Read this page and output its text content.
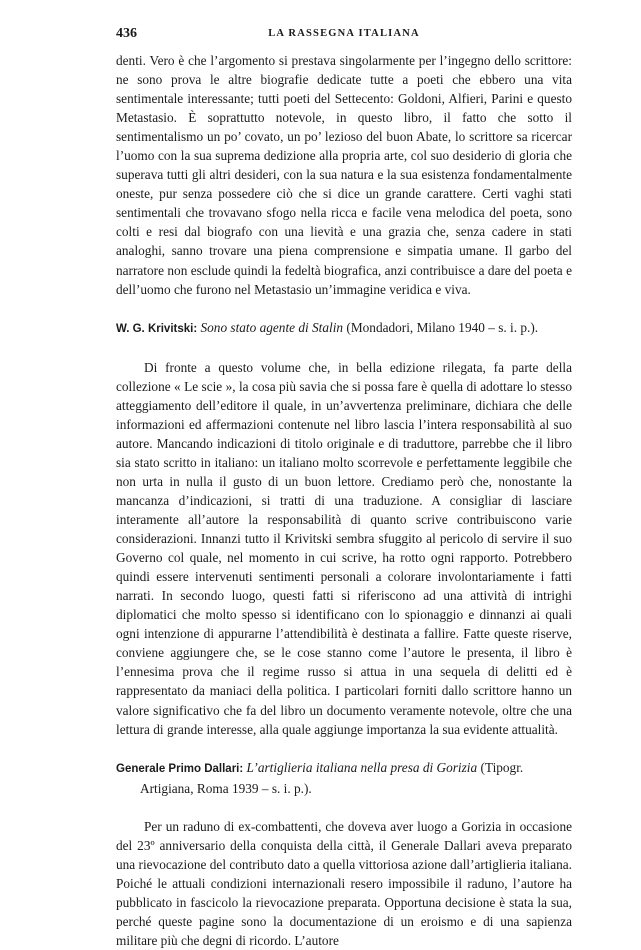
436	LA RASSEGNA ITALIANA

denti. Vero è che l’argomento si prestava singolarmente per l’ingegno dello scrittore: ne sono prova le altre biografie dedicate tutte a poeti che ebbero una vita sentimentale interessante; tutti poeti del Settecento: Goldoni, Alfieri, Parini e questo Metastasio. È soprattutto notevole, in questo libro, il fatto che sotto il sentimentalismo un po’ covato, un po’ lezioso del buon Abate, lo scrittore sa ricercar l’uomo con la sua suprema dedizione alla propria arte, col suo desiderio di gloria che superava tutti gli altri desideri, con la sua natura e la sua esistenza fondamentalmente oneste, pur senza possedere ciò che si dice un grande carattere. Certi vaghi stati sentimentali che trovavano sfogo nella ricca e facile vena melodica del poeta, sono colti e resi dal biografo con una lievità e una grazia che, senza cadere in stati analoghi, sanno trovare una piena comprensione e simpatia umane. Il garbo del narratore non esclude quindi la fedeltà biografica, anzi contribuisce a dare del poeta e dell’uomo che furono nel Metastasio un’immagine veridica e viva.

W. G. Krivitski: Sono stato agente di Stalin (Mondadori, Milano 1940 – s. i. p.).

Di fronte a questo volume che, in bella edizione rilegata, fa parte della collezione « Le scie », la cosa più savia che si possa fare è quella di adottare lo stesso atteggiamento dell’editore il quale, in un’avvertenza preliminare, dichiara che delle informazioni ed affermazioni contenute nel libro lascia l’intera responsabilità al suo autore. Mancando indicazioni di titolo originale e di traduttore, parrebbe che il libro sia stato scritto in italiano: un italiano molto scorrevole e perfettamente leggibile che non urta in nulla il gusto di un buon lettore. Crediamo però che, nonostante la mancanza d’indicazioni, si tratti di una traduzione. A consigliar di lasciare interamente all’autore la responsabilità di quanto scrive contribuiscono varie considerazioni. Innanzi tutto il Krivitski sembra sfuggito al pericolo di servire il suo Governo col quale, nel momento in cui scrive, ha rotto ogni rapporto. Potrebbero quindi essere intervenuti sentimenti personali a colorare involontariamente i fatti narrati. In secondo luogo, questi fatti si riferiscono ad una attività di intrighi diplomatici che molto spesso si identificano con lo spionaggio e dinnanzi ai quali ogni intenzione di appurarne l’attendibilità è destinata a fallire. Fatte queste riserve, conviene aggiungere che, se le cose stanno come l’autore le presenta, il libro è l’ennesima prova che il regime russo si attua in una sequela di delitti ed è rappresentato da maniaci della politica. I particolari forniti dallo scrittore hanno un valore significativo che fa del libro un documento veramente notevole, oltre che una lettura di grande interesse, alla quale aggiunge importanza la sua evidente attualità.

Generale Primo Dallari: L’artiglieria italiana nella presa di Gorizia (Tipogr. Artigiana, Roma 1939 – s. i. p.).

Per un raduno di ex-combattenti, che doveva aver luogo a Gorizia in occasione del 23º anniversario della conquista della città, il Generale Dallari aveva preparato una rievocazione del contributo dato a quella vittoriosa azione dall’artiglieria italiana. Poiché le attuali condizioni internazionali resero impossibile il raduno, l’autore ha pubblicato in fascicolo la rievocazione preparata. Opportuna decisione è stata la sua, perché queste pagine sono la documentazione di un eroismo e di una sapienza militare più che degni di ricordo. L’autore
